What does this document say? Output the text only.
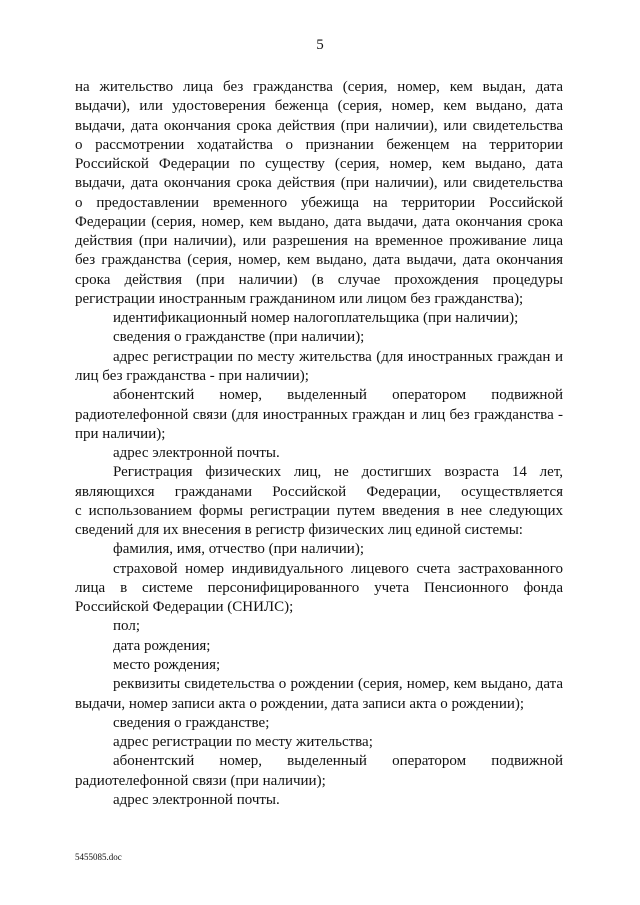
5
на жительство лица без гражданства (серия, номер, кем выдан, дата
выдачи), или удостоверения беженца (серия, номер, кем выдано, дата
выдачи, дата окончания срока действия (при наличии), или свидетельства
о рассмотрении ходатайства о признании беженцем на территории
Российской Федерации по существу (серия, номер, кем выдано, дата
выдачи, дата окончания срока действия (при наличии), или свидетельства
о предоставлении временного убежища на территории Российской
Федерации (серия, номер, кем выдано, дата выдачи, дата окончания срока
действия (при наличии), или разрешения на временное проживание лица
без гражданства (серия, номер, кем выдано, дата выдачи, дата окончания
срока действия (при наличии) (в случае прохождения процедуры
регистрации иностранным гражданином или лицом без гражданства);
идентификационный номер налогоплательщика (при наличии);
сведения о гражданстве (при наличии);
адрес регистрации по месту жительства (для иностранных граждан и
лиц без гражданства - при наличии);
абонентский номер, выделенный оператором подвижной
радиотелефонной связи (для иностранных граждан и лиц без гражданства -
при наличии);
адрес электронной почты.
Регистрация физических лиц, не достигших возраста 14 лет,
являющихся гражданами Российской Федерации, осуществляется
с использованием формы регистрации путем введения в нее следующих
сведений для их внесения в регистр физических лиц единой системы:
фамилия, имя, отчество (при наличии);
страховой номер индивидуального лицевого счета застрахованного
лица в системе персонифицированного учета Пенсионного фонда
Российской Федерации (СНИЛС);
пол;
дата рождения;
место рождения;
реквизиты свидетельства о рождении (серия, номер, кем выдано, дата
выдачи, номер записи акта о рождении, дата записи акта о рождении);
сведения о гражданстве;
адрес регистрации по месту жительства;
абонентский номер, выделенный оператором подвижной
радиотелефонной связи (при наличии);
адрес электронной почты.
5455085.doc
